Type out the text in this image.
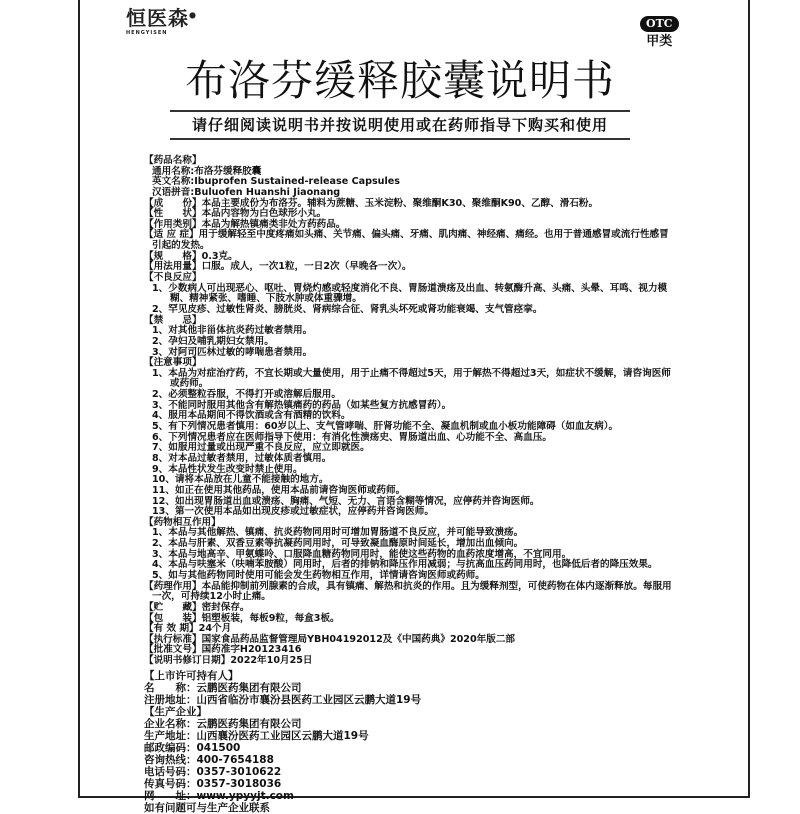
恒医森●
HENGYISEN
OTC
甲类
布洛芬缓释胶囊说明书
请仔细阅读说明书并按说明使用或在药师指导下购买和使用
【药品名称】
通用名称:布洛芬缓释胶囊
英文名称:Ibuprofen Sustained-release Capsules
汉语拼音:Buluofen Huanshi Jiaonang
【成　　份】本品主要成份为布洛芬。辅料为蔗糖、玉米淀粉、聚维酮K30、聚维酮K90、乙醇、滑石粉。
【性　　状】本品内容物为白色球形小丸。
【作用类别】本品为解热镇痛类非处方药药品。
【适 应 症】用于缓解轻至中度疼痛如头痛、关节痛、偏头痛、牙痛、肌肉痛、神经痛、痛经。也用于普通感冒或流行性感冒
引起的发热。
【规　　格】0.3克。
【用法用量】口服。成人，一次1粒，一日2次（早晚各一次）。
【不良反应】
1、少数病人可出现恶心、呕吐、胃烧灼感或轻度消化不良、胃肠道溃疡及出血、转氨酶升高、头痛、头晕、耳鸣、视力模
糊、精神紧张、嗜睡、下肢水肿或体重骤增。
2、罕见皮疹、过敏性肾炎、膀胱炎、肾病综合征、肾乳头坏死或肾功能衰竭、支气管痉挛。
【禁　　忌】
1、对其他非甾体抗炎药过敏者禁用。
2、孕妇及哺乳期妇女禁用。
3、对阿司匹林过敏的哮喘患者禁用。
【注意事项】
1、本品为对症治疗药，不宜长期或大量使用，用于止痛不得超过5天，用于解热不得超过3天，如症状不缓解，请咨询医师
或药师。
2、必须整粒吞服，不得打开或溶解后服用。
3、不能同时服用其他含有解热镇痛药的药品（如某些复方抗感冒药）。
4、服用本品期间不得饮酒或含有酒精的饮料。
5、有下列情况患者慎用：60岁以上、支气管哮喘、肝肾功能不全、凝血机制或血小板功能障碍（如血友病）。
6、下列情况患者应在医师指导下使用：有消化性溃疡史、胃肠道出血、心功能不全、高血压。
7、如服用过量或出现严重不良反应，应立即就医。
8、对本品过敏者禁用，过敏体质者慎用。
9、本品性状发生改变时禁止使用。
10、请将本品放在儿童不能接触的地方。
11、如正在使用其他药品，使用本品前请咨询医师或药师。
12、如出现胃肠道出血或溃疡、胸痛、气短、无力、言语含糊等情况，应停药并咨询医师。
13、第一次使用本品如出现皮疹或过敏症状，应停药并咨询医师。
【药物相互作用】
1、本品与其他解热、镇痛、抗炎药物同用时可增加胃肠道不良反应，并可能导致溃疡。
2、本品与肝素、双香豆素等抗凝药同用时，可导致凝血酶原时间延长，增加出血倾向。
3、本品与地高辛、甲氨蝶呤、口服降血糖药物同用时，能使这些药物的血药浓度增高，不宜同用。
4、本品与呋塞米（呋喃苯胺酸）同用时，后者的排钠和降压作用减弱；与抗高血压药同用时，也降低后者的降压效果。
5、如与其他药物同时使用可能会发生药物相互作用，详情请咨询医师或药师。
【药理作用】本品能抑制前列腺素的合成，具有镇痛、解热和抗炎的作用。且为缓释剂型，可使药物在体内逐渐释放。每服用
一次，可持续12小时止痛。
【贮　　藏】密封保存。
【包　　装】铝塑板装，每板9粒，每盒3板。
【有 效 期】24个月
【执行标准】国家食品药品监督管理局YBH04192012及《中国药典》2020年版二部
【批准文号】国药准字H20123416
【说明书修订日期】2022年10月25日
【上市许可持有人】
名　　称：云鹏医药集团有限公司
注册地址：山西省临汾市襄汾县医药工业园区云鹏大道19号
【生产企业】
企业名称：云鹏医药集团有限公司
生产地址：山西襄汾医药工业园区云鹏大道19号
邮政编码：041500
咨询热线：400-7654188
电话号码：0357-3010622
传真号码：0357-3018036
网　　址：www.ypyyjt.com
如有问题可与生产企业联系
